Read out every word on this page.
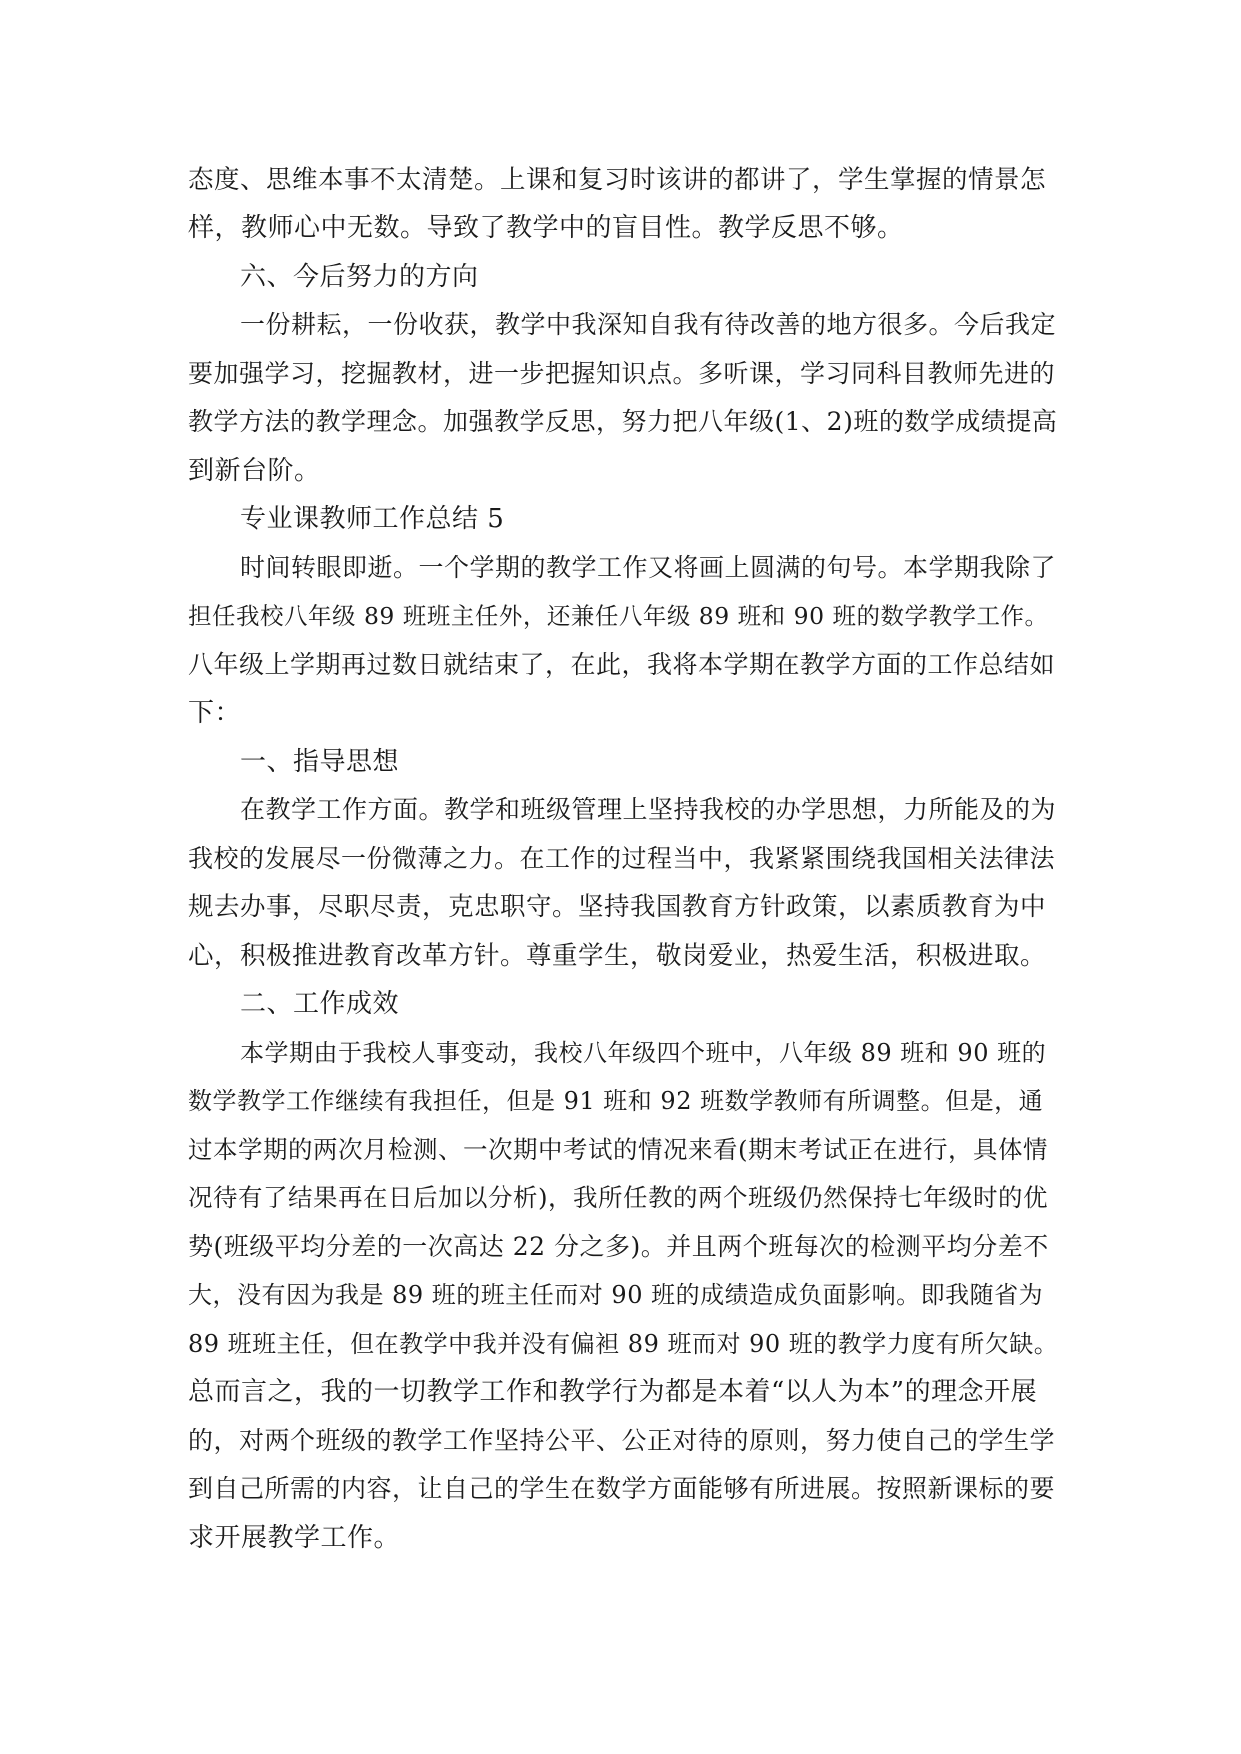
态度、思维本事不太清楚。上课和复习时该讲的都讲了，学生掌握的情景怎
样，教师心中无数。导致了教学中的盲目性。教学反思不够。
六、今后努力的方向
一份耕耘，一份收获，教学中我深知自我有待改善的地方很多。今后我定
要加强学习，挖掘教材，进一步把握知识点。多听课，学习同科目教师先进的
教学方法的教学理念。加强教学反思，努力把八年级(1、2)班的数学成绩提高
到新台阶。
专业课教师工作总结 5
时间转眼即逝。一个学期的教学工作又将画上圆满的句号。本学期我除了
担任我校八年级 89 班班主任外，还兼任八年级 89 班和 90 班的数学教学工作。
八年级上学期再过数日就结束了，在此，我将本学期在教学方面的工作总结如
下：
一、指导思想
在教学工作方面。教学和班级管理上坚持我校的办学思想，力所能及的为
我校的发展尽一份微薄之力。在工作的过程当中，我紧紧围绕我国相关法律法
规去办事，尽职尽责，克忠职守。坚持我国教育方针政策，以素质教育为中
心，积极推进教育改革方针。尊重学生，敬岗爱业，热爱生活，积极进取。
二、工作成效
本学期由于我校人事变动，我校八年级四个班中，八年级 89 班和 90 班的
数学教学工作继续有我担任，但是 91 班和 92 班数学教师有所调整。但是，通
过本学期的两次月检测、一次期中考试的情况来看(期末考试正在进行，具体情
况待有了结果再在日后加以分析)，我所任教的两个班级仍然保持七年级时的优
势(班级平均分差的一次高达 22 分之多)。并且两个班每次的检测平均分差不
大，没有因为我是 89 班的班主任而对 90 班的成绩造成负面影响。即我随省为
89 班班主任，但在教学中我并没有偏袒 89 班而对 90 班的教学力度有所欠缺。
总而言之，我的一切教学工作和教学行为都是本着“以人为本”的理念开展
的，对两个班级的教学工作坚持公平、公正对待的原则，努力使自己的学生学
到自己所需的内容，让自己的学生在数学方面能够有所进展。按照新课标的要
求开展教学工作。
